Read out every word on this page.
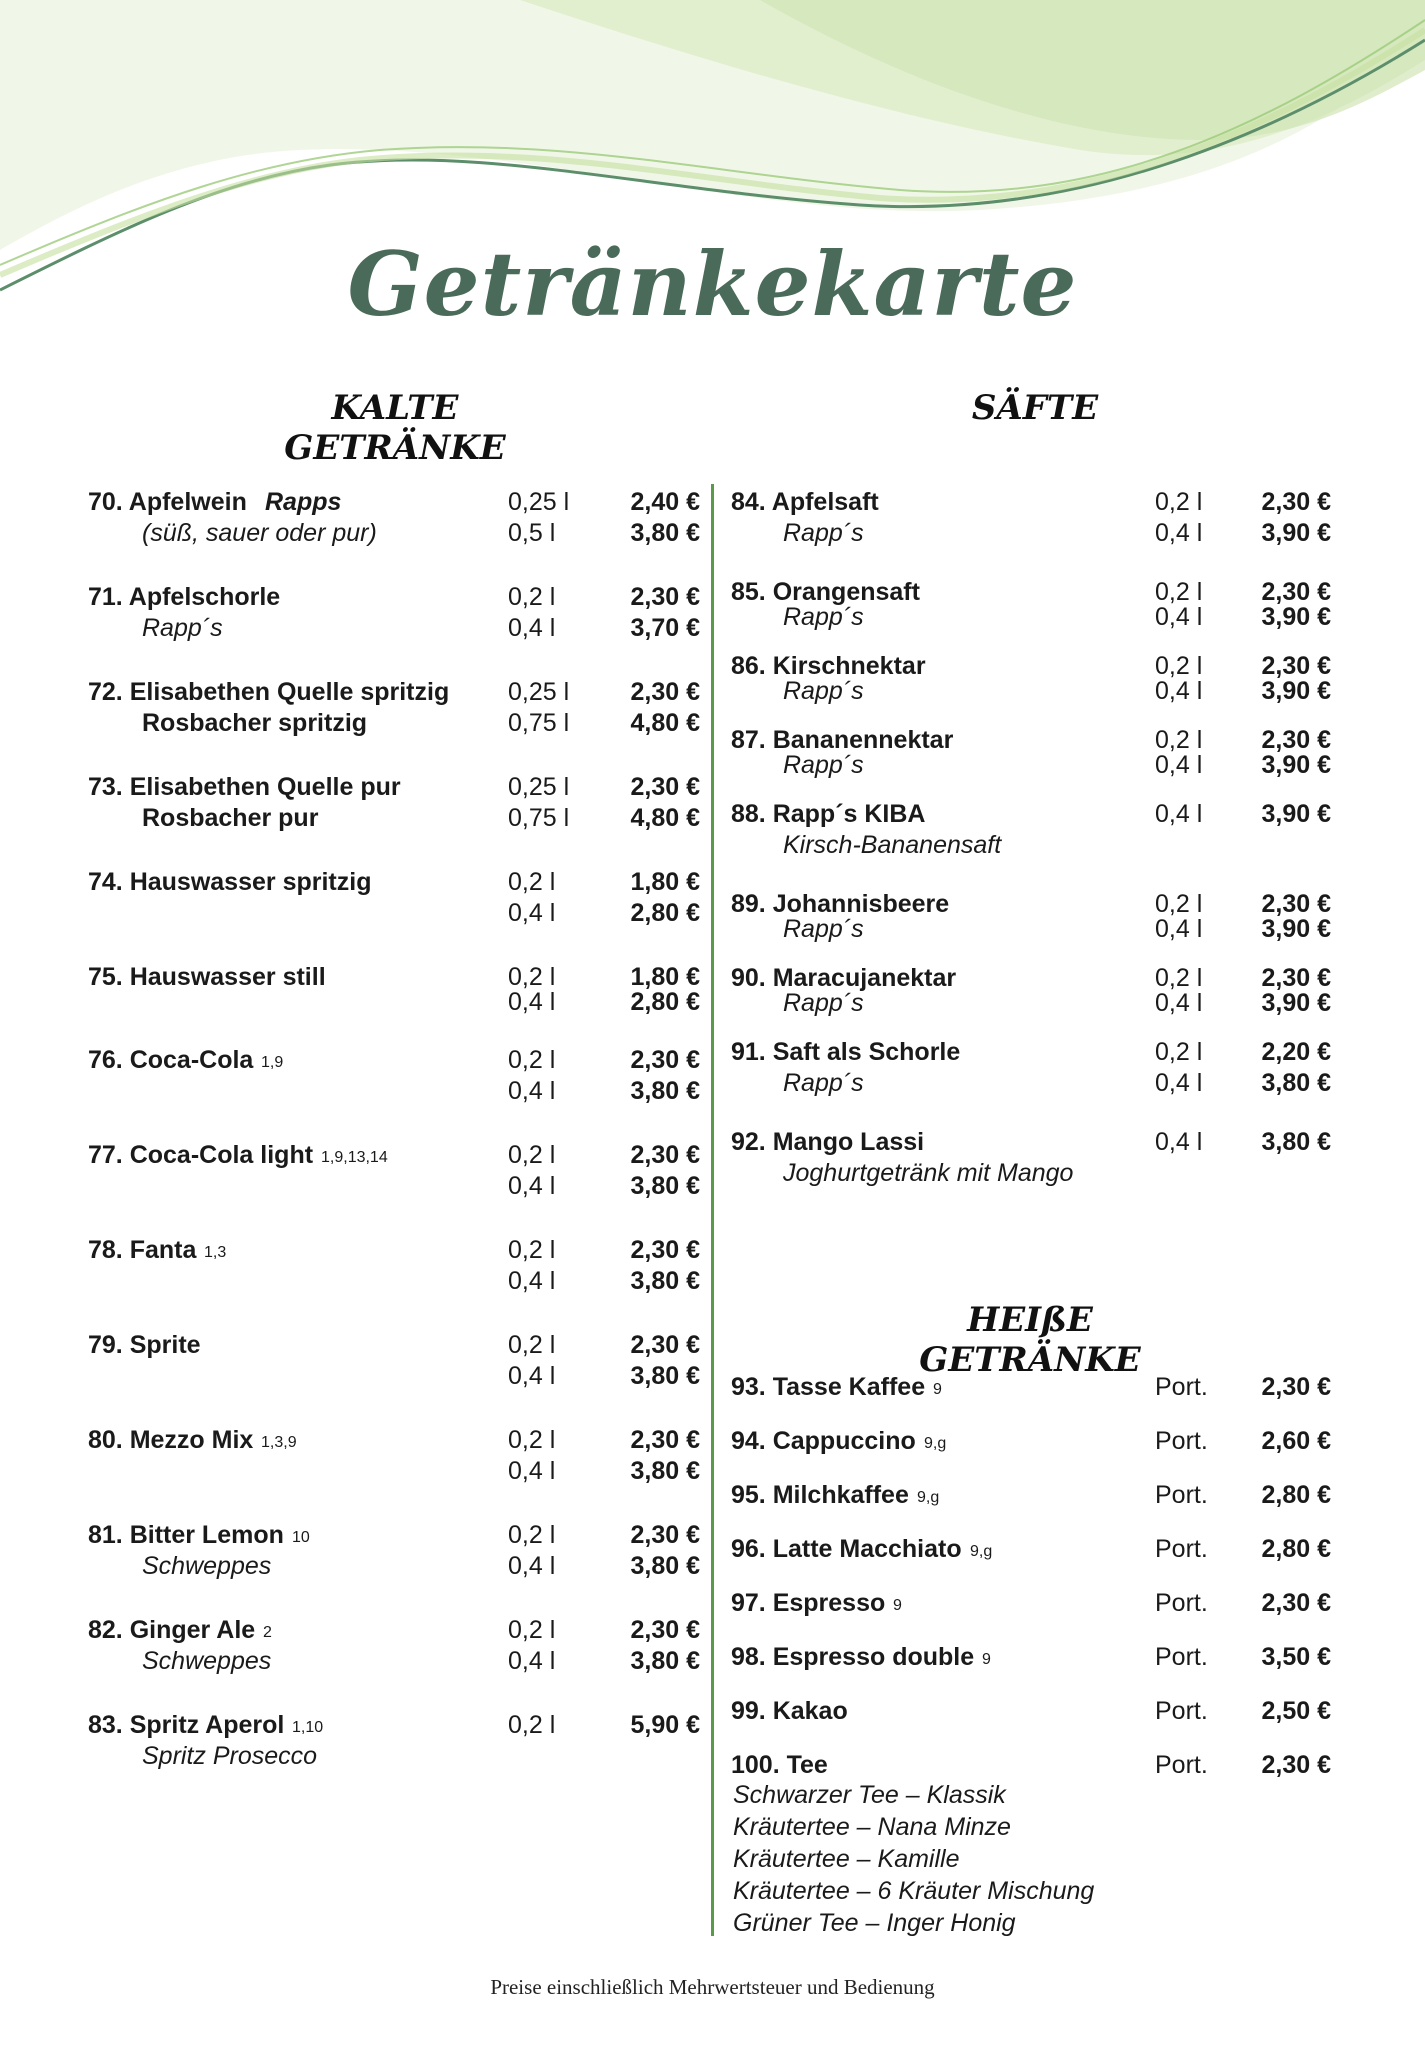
Getränkekarte
KALTE GETRÄNKE
SÄFTE
70. Apfelwein Rapps	0,25 l 2,40 €
(süß, sauer oder pur)	0,5 l	3,80 €
71. Apfelschorle	0,2 l	2,30 €
Rapp´s	0,4 l	3,70 €
72. Elisabethen Quelle spritzig 0,25 l 2,30 €
Rosbacher spritzig	0,75 l 4,80 €
73. Elisabethen Quelle pur	0,25 l 2,30 €
Rosbacher pur	0,75 l 4,80 €
74. Hauswasser spritzig	0,2 l	1,80 €
0,4 l	2,80 €
75. Hauswasser still	0,2 l	1,80 €
0,4 l	2,80 €
76. Coca-Cola 1,9	0,2 l	2,30 €
0,4 l	3,80 €
77. Coca-Cola light 1,9,13,14	0,2 l	2,30 €
0,4 l	3,80 €
78. Fanta 1,3	0,2 l	2,30 €
0,4 l	3,80 €
79. Sprite	0,2 l	2,30 €
0,4 l	3,80 €
80. Mezzo Mix 1,3,9	0,2 l	2,30 €
0,4 l	3,80 €
81. Bitter Lemon 10	0,2 l	2,30 €
Schweppes	0,4 l	3,80 €
82. Ginger Ale 2	0,2 l	2,30 €
Schweppes	0,4 l	3,80 €
83. Spritz Aperol 1,10	0,2 l	5,90 €
Spritz Prosecco
84. Apfelsaft	0,2 l 2,30 €
Rapp´s	0,4 l 3,90 €
85. Orangensaft	0,2 l 2,30 €
Rapp´s	0,4 l 3,90 €
86. Kirschnektar	0,2 l 2,30 €
Rapp´s	0,4 l 3,90 €
87. Bananennektar	0,2 l 2,30 €
Rapp´s	0,4 l 3,90 €
88. Rapp´s KIBA	0,4 l 3,90 €
Kirsch-Bananensaft
89. Johannisbeere	0,2 l 2,30 €
Rapp´s	0,4 l 3,90 €
90. Maracujanektar	0,2 l 2,30 €
Rapp´s	0,4 l 3,90 €
91. Saft als Schorle	0,2 l 2,20 €
Rapp´s	0,4 l 3,80 €
92. Mango Lassi	0,4 l 3,80 €
Joghurtgetränk mit Mango
HEIßE GETRÄNKE
93. Tasse Kaffee 9	Port. 2,30 €
94. Cappuccino 9,g	Port. 2,60 €
95. Milchkaffee 9,g	Port. 2,80 €
96. Latte Macchiato 9,g	Port. 2,80 €
97. Espresso 9	Port. 2,30 €
98. Espresso double 9	Port. 3,50 €
99. Kakao	Port. 2,50 €
100. Tee	Port. 2,30 €
Schwarzer Tee – Klassik
Kräutertee – Nana Minze
Kräutertee – Kamille
Kräutertee – 6 Kräuter Mischung
Grüner Tee – Inger Honig
Preise einschließlich Mehrwertsteuer und Bedienung
